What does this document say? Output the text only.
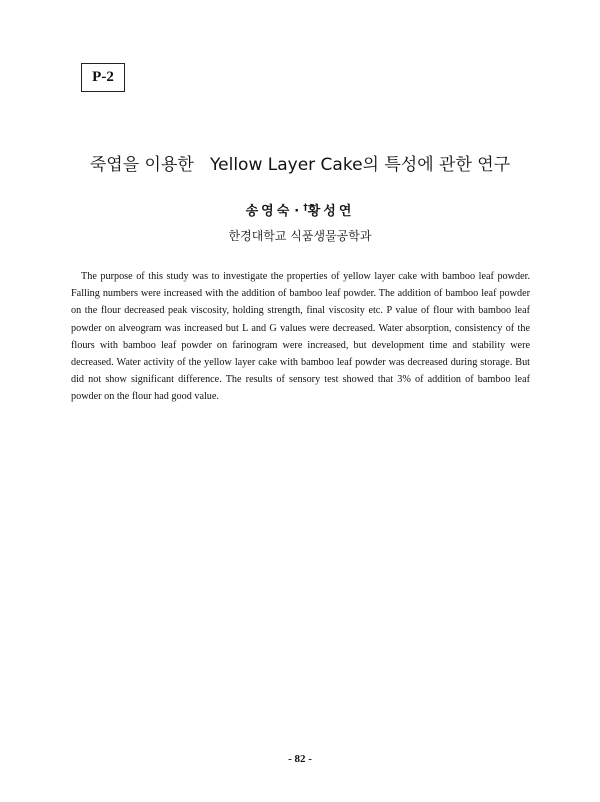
P-2
죽엽을 이용한   Yellow Layer Cake의 특성에 관한 연구
송영숙 · †황성연
한경대학교 식품생물공학과

The purpose of this study was to investigate the properties of yellow layer cake with bamboo leaf powder. Falling numbers were increased with the addition of bamboo leaf powder. The addition of bamboo leaf powder on the flour decreased peak viscosity, holding strength, final viscosity etc. P value of flour with bamboo leaf powder on alveogram was increased but L and G values were decreased. Water absorption, consistency of the flours with bamboo leaf powder on farinogram were increased, but development time and stability were decreased. Water activity of the yellow layer cake with bamboo leaf powder was decreased during storage. But did not show significant difference. The results of sensory test showed that 3% of addition of bamboo leaf powder on the flour had good value.

- 82 -
